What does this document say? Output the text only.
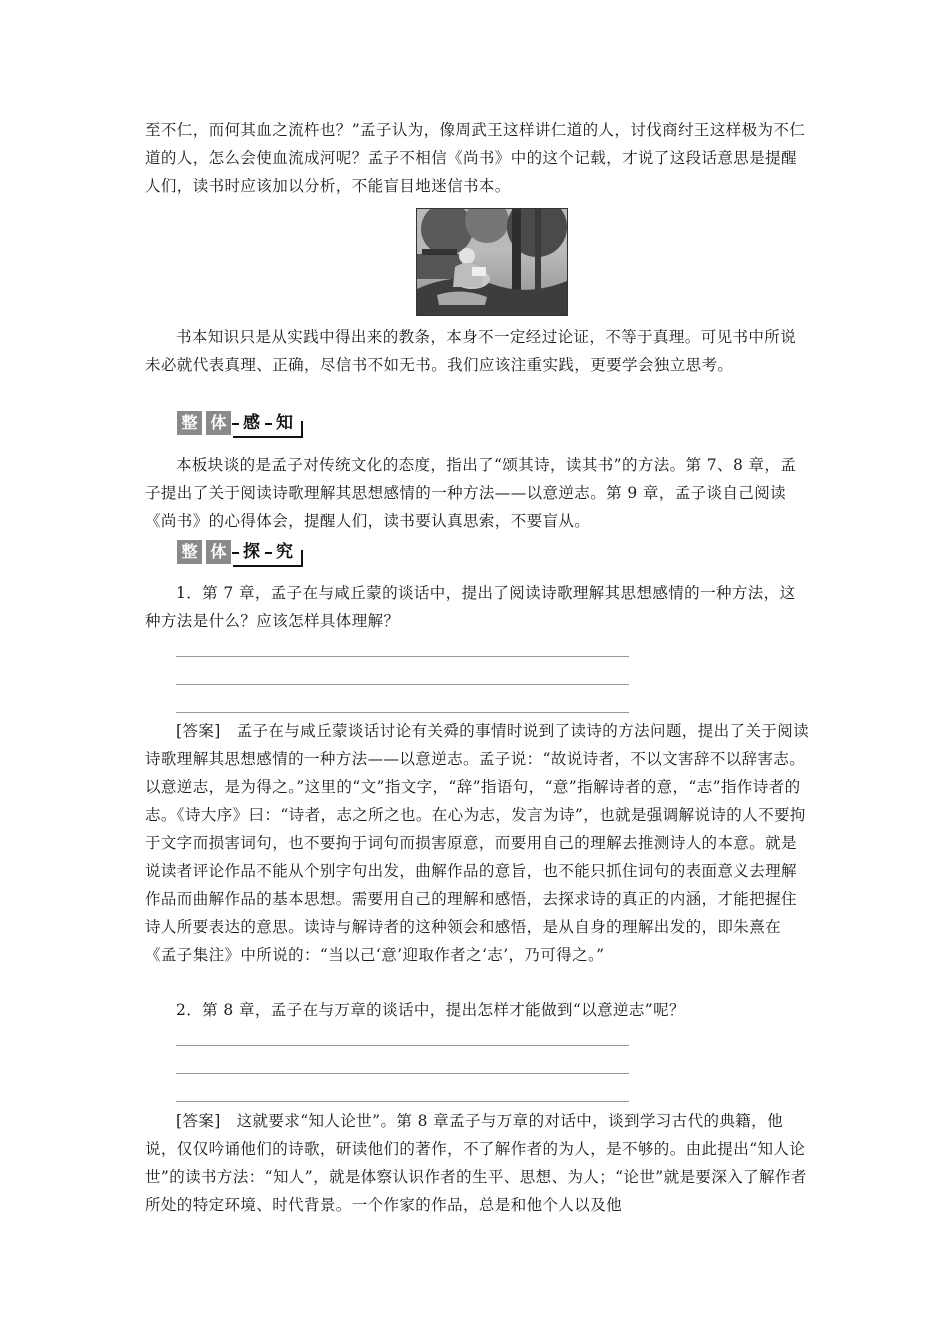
至不仁，而何其血之流杵也？”孟子认为，像周武王这样讲仁道的人，讨伐商纣王这样极为不仁道的人，怎么会使血流成河呢？孟子不相信《尚书》中的这个记载，才说了这段话意思是提醒人们，读书时应该加以分析，不能盲目地迷信书本。

书本知识只是从实践中得出来的教条，本身不一定经过论证，不等于真理。可见书中所说未必就代表真理、正确，尽信书不如无书。我们应该注重实践，更要学会独立思考。

整 体 感 知

本板块谈的是孟子对传统文化的态度，指出了“颂其诗，读其书”的方法。第 7、8 章，孟子提出了关于阅读诗歌理解其思想感情的一种方法——以意逆志。第 9 章，孟子谈自己阅读《尚书》的心得体会，提醒人们，读书要认真思索，不要盲从。

整 体 探 究

1．第 7 章，孟子在与咸丘蒙的谈话中，提出了阅读诗歌理解其思想感情的一种方法，这种方法是什么？应该怎样具体理解？

[答案]　 孟子在与咸丘蒙谈话讨论有关舜的事情时说到了读诗的方法问题，提出了关于阅读诗歌理解其思想感情的一种方法——以意逆志。孟子说：“故说诗者，不以文害辞不以辞害志。以意逆志，是为得之。”这里的“文”指文字，“辞”指语句，“意”指解诗者的意，“志”指作诗者的志。《诗大序》曰：“诗者，志之所之也。在心为志，发言为诗”，也就是强调解说诗的人不要拘于文字而损害词句，也不要拘于词句而损害原意，而要用自己的理解去推测诗人的本意。就是说读者评论作品不能从个别字句出发，曲解作品的意旨，也不能只抓住词句的表面意义去理解作品而曲解作品的基本思想。需要用自己的理解和感悟，去探求诗的真正的内涵，才能把握住诗人所要表达的意思。读诗与解诗者的这种领会和感悟，是从自身的理解出发的，即朱熹在《孟子集注》中所说的：“当以己‘意’迎取作者之‘志’，乃可得之。”

2．第 8 章，孟子在与万章的谈话中，提出怎样才能做到“以意逆志”呢？

[答案]　 这就要求“知人论世”。第 8 章孟子与万章的对话中，谈到学习古代的典籍，他说，仅仅吟诵他们的诗歌，研读他们的著作，不了解作者的为人，是不够的。由此提出“知人论世”的读书方法：“知人”，就是体察认识作者的生平、思想、为人；“论世”就是要深入了解作者所处的特定环境、时代背景。一个作家的作品，总是和他个人以及他
